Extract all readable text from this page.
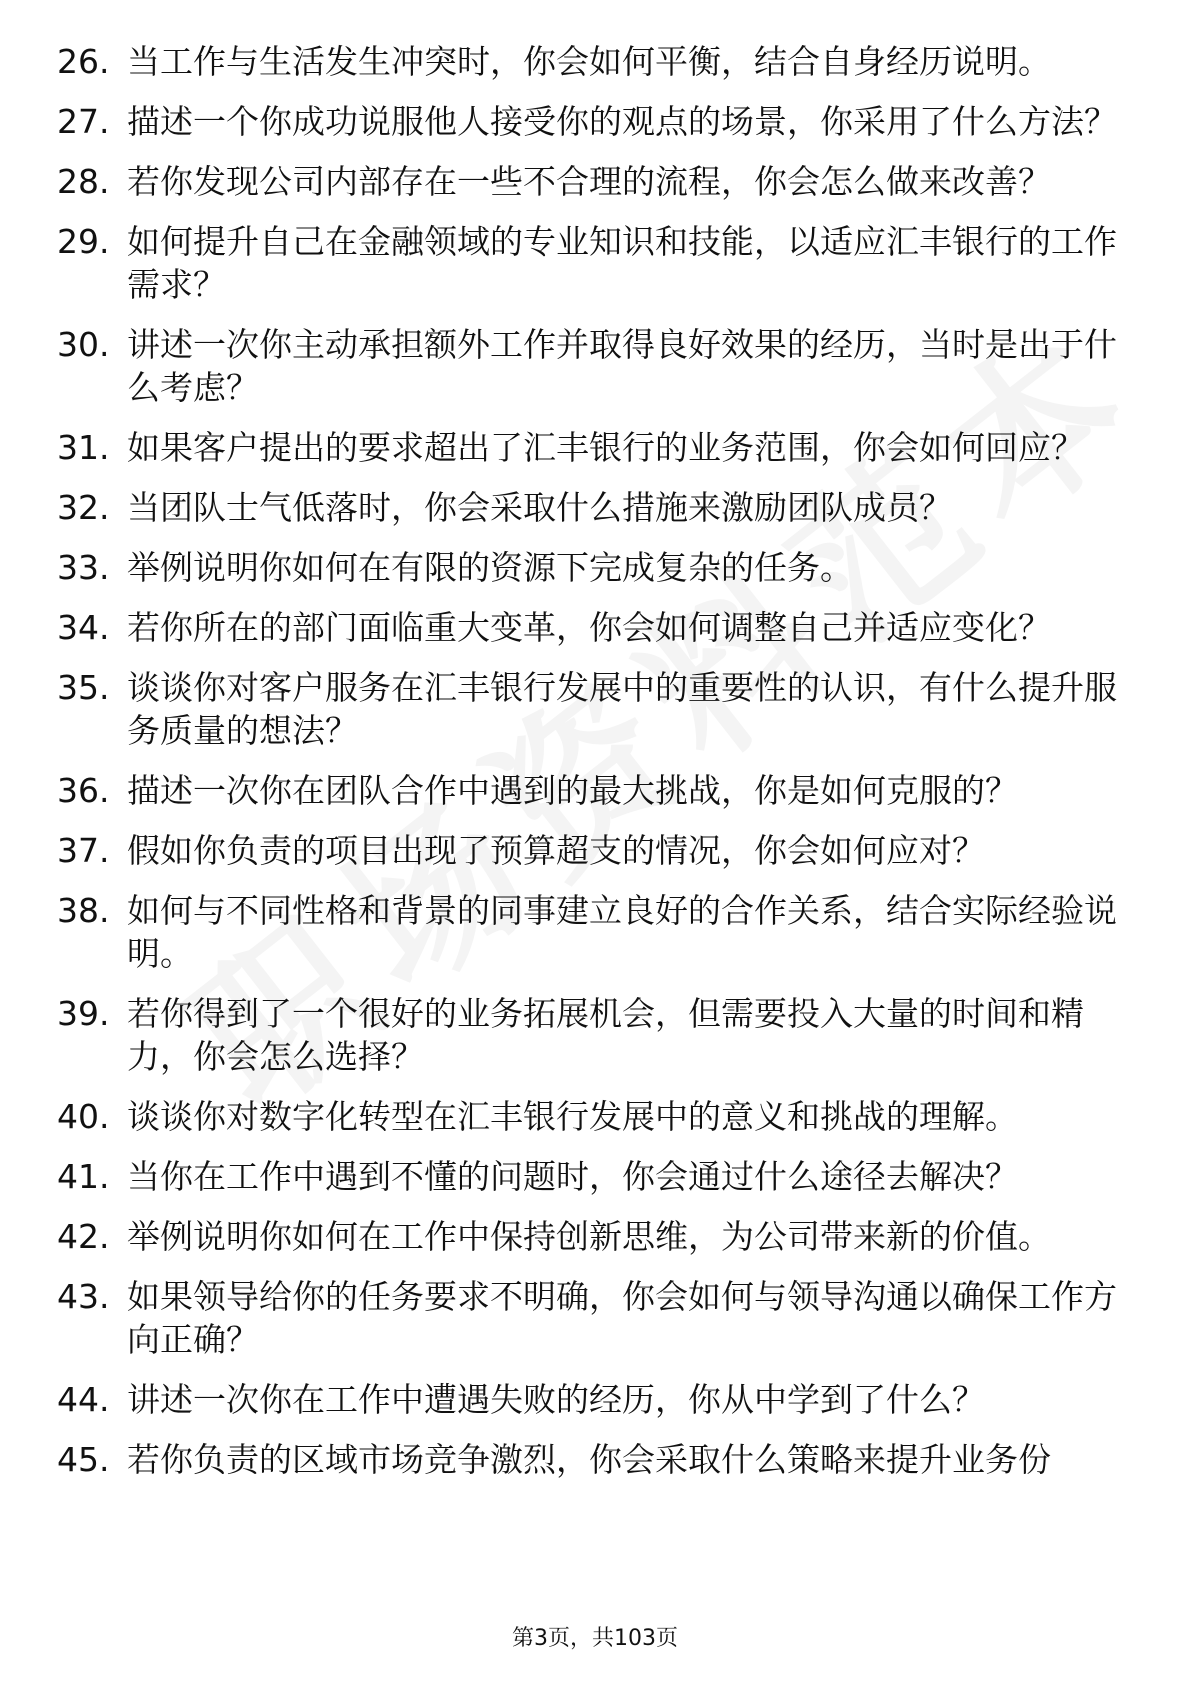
26. 当工作与生活发生冲突时，你会如何平衡，结合自身经历说明。
27. 描述一个你成功说服他人接受你的观点的场景，你采用了什么方法？
28. 若你发现公司内部存在一些不合理的流程，你会怎么做来改善？
29. 如何提升自己在金融领域的专业知识和技能，以适应汇丰银行的工作需求？
30. 讲述一次你主动承担额外工作并取得良好效果的经历，当时是出于什么考虑？
31. 如果客户提出的要求超出了汇丰银行的业务范围，你会如何回应？
32. 当团队士气低落时，你会采取什么措施来激励团队成员？
33. 举例说明你如何在有限的资源下完成复杂的任务。
34. 若你所在的部门面临重大变革，你会如何调整自己并适应变化？
35. 谈谈你对客户服务在汇丰银行发展中的重要性的认识，有什么提升服务质量的想法？
36. 描述一次你在团队合作中遇到的最大挑战，你是如何克服的？
37. 假如你负责的项目出现了预算超支的情况，你会如何应对？
38. 如何与不同性格和背景的同事建立良好的合作关系，结合实际经验说明。
39. 若你得到了一个很好的业务拓展机会，但需要投入大量的时间和精力，你会怎么选择？
40. 谈谈你对数字化转型在汇丰银行发展中的意义和挑战的理解。
41. 当你在工作中遇到不懂的问题时，你会通过什么途径去解决？
42. 举例说明你如何在工作中保持创新思维，为公司带来新的价值。
43. 如果领导给你的任务要求不明确，你会如何与领导沟通以确保工作方向正确？
44. 讲述一次你在工作中遭遇失败的经历，你从中学到了什么？
45. 若你负责的区域市场竞争激烈，你会采取什么策略来提升业务份
第3页，共103页
